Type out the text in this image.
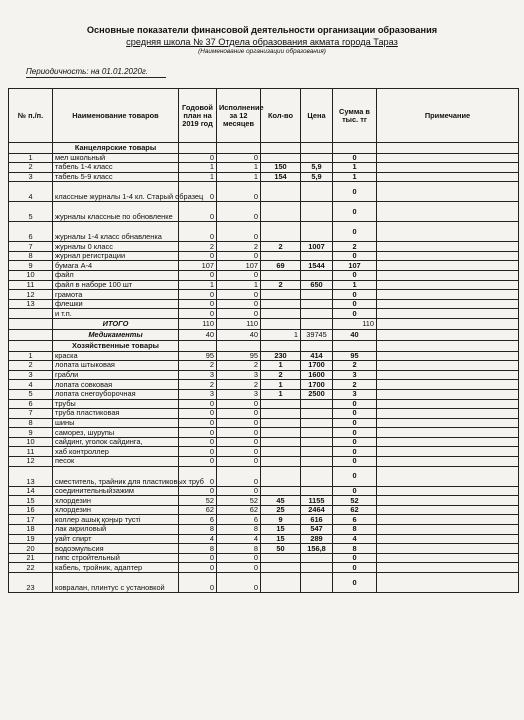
Основные показатели финансовой деятельности организации образования
средняя школа № 37 Отдела образования акмата города Тараз
(Наименование организации образования)
Периодичность: на 01.01.2020г.
№ п./п.	Наименование товаров	Годовой план на 2019 год	Исполнение за 12 месяцев	Кол-во	Цена	Сумма в тыс. тг	Примечание
	Канцелярские товары						
1	мел школьный	0	0			0	
2	табель 1-4 класс	1	1	150	5,9	1	
3	табель 5-9 класс	1	1	154	5,9	1	
4	классные журналы 1-4 кл. Старый образец	0	0			0	
5	журналы классные по обновленке	0	0			0	
6	журналы 1-4 класс обнавленка	0	0			0	
7	журналы 0 класс	2	2	2	1007	2	
8	журнал регистрации	0	0			0	
9	бумага А-4	107	107	69	1544	107	
10	файл	0	0			0	
11	файл в наборе 100 шт	1	1	2	650	1	
12	грамота	0	0			0	
13	флешки	0	0			0	
	и т.п.	0	0			0	
	ИТОГО	110	110			110	
	Медикаменты	40	40	1	39745	40	
	Хозяйственные товары						
1	краска	95	95	230	414	95	
2	лопата штыковая	2	2	1	1700	2	
3	грабли	3	3	2	1600	3	
4	лопата совковая	2	2	1	1700	2	
5	лопата снегоуборочная	3	3	1	2500	3	
6	трубы	0	0			0	
7	труба пластиковая	0	0			0	
8	шины	0	0			0	
9	саморез, шурупы	0	0			0	
10	сайдинг, уголок сайдинга,	0	0			0	
11	хаб контроллер	0	0			0	
12	песок	0	0			0	
13	сместитель, трайник для пластиковых труб	0	0			0	
14	соединительныйзажим	0	0			0	
15	хлордезин	52	52	45	1155	52	
16	хлордезин	62	62	25	2464	62	
17	коллер ашық қоңыр тусті	6	6	9	616	6	
18	лак акриловый	8	8	15	547	8	
19	уайт спирт	4	4	15	289	4	
20	водоэмульсия	8	8	50	156,8	8	
21	гипс стройтельный	0	0			0	
22	кабель, тройник, адаптер	0	0			0	
23	ковралан, плинтус с установкой	0	0			0	
